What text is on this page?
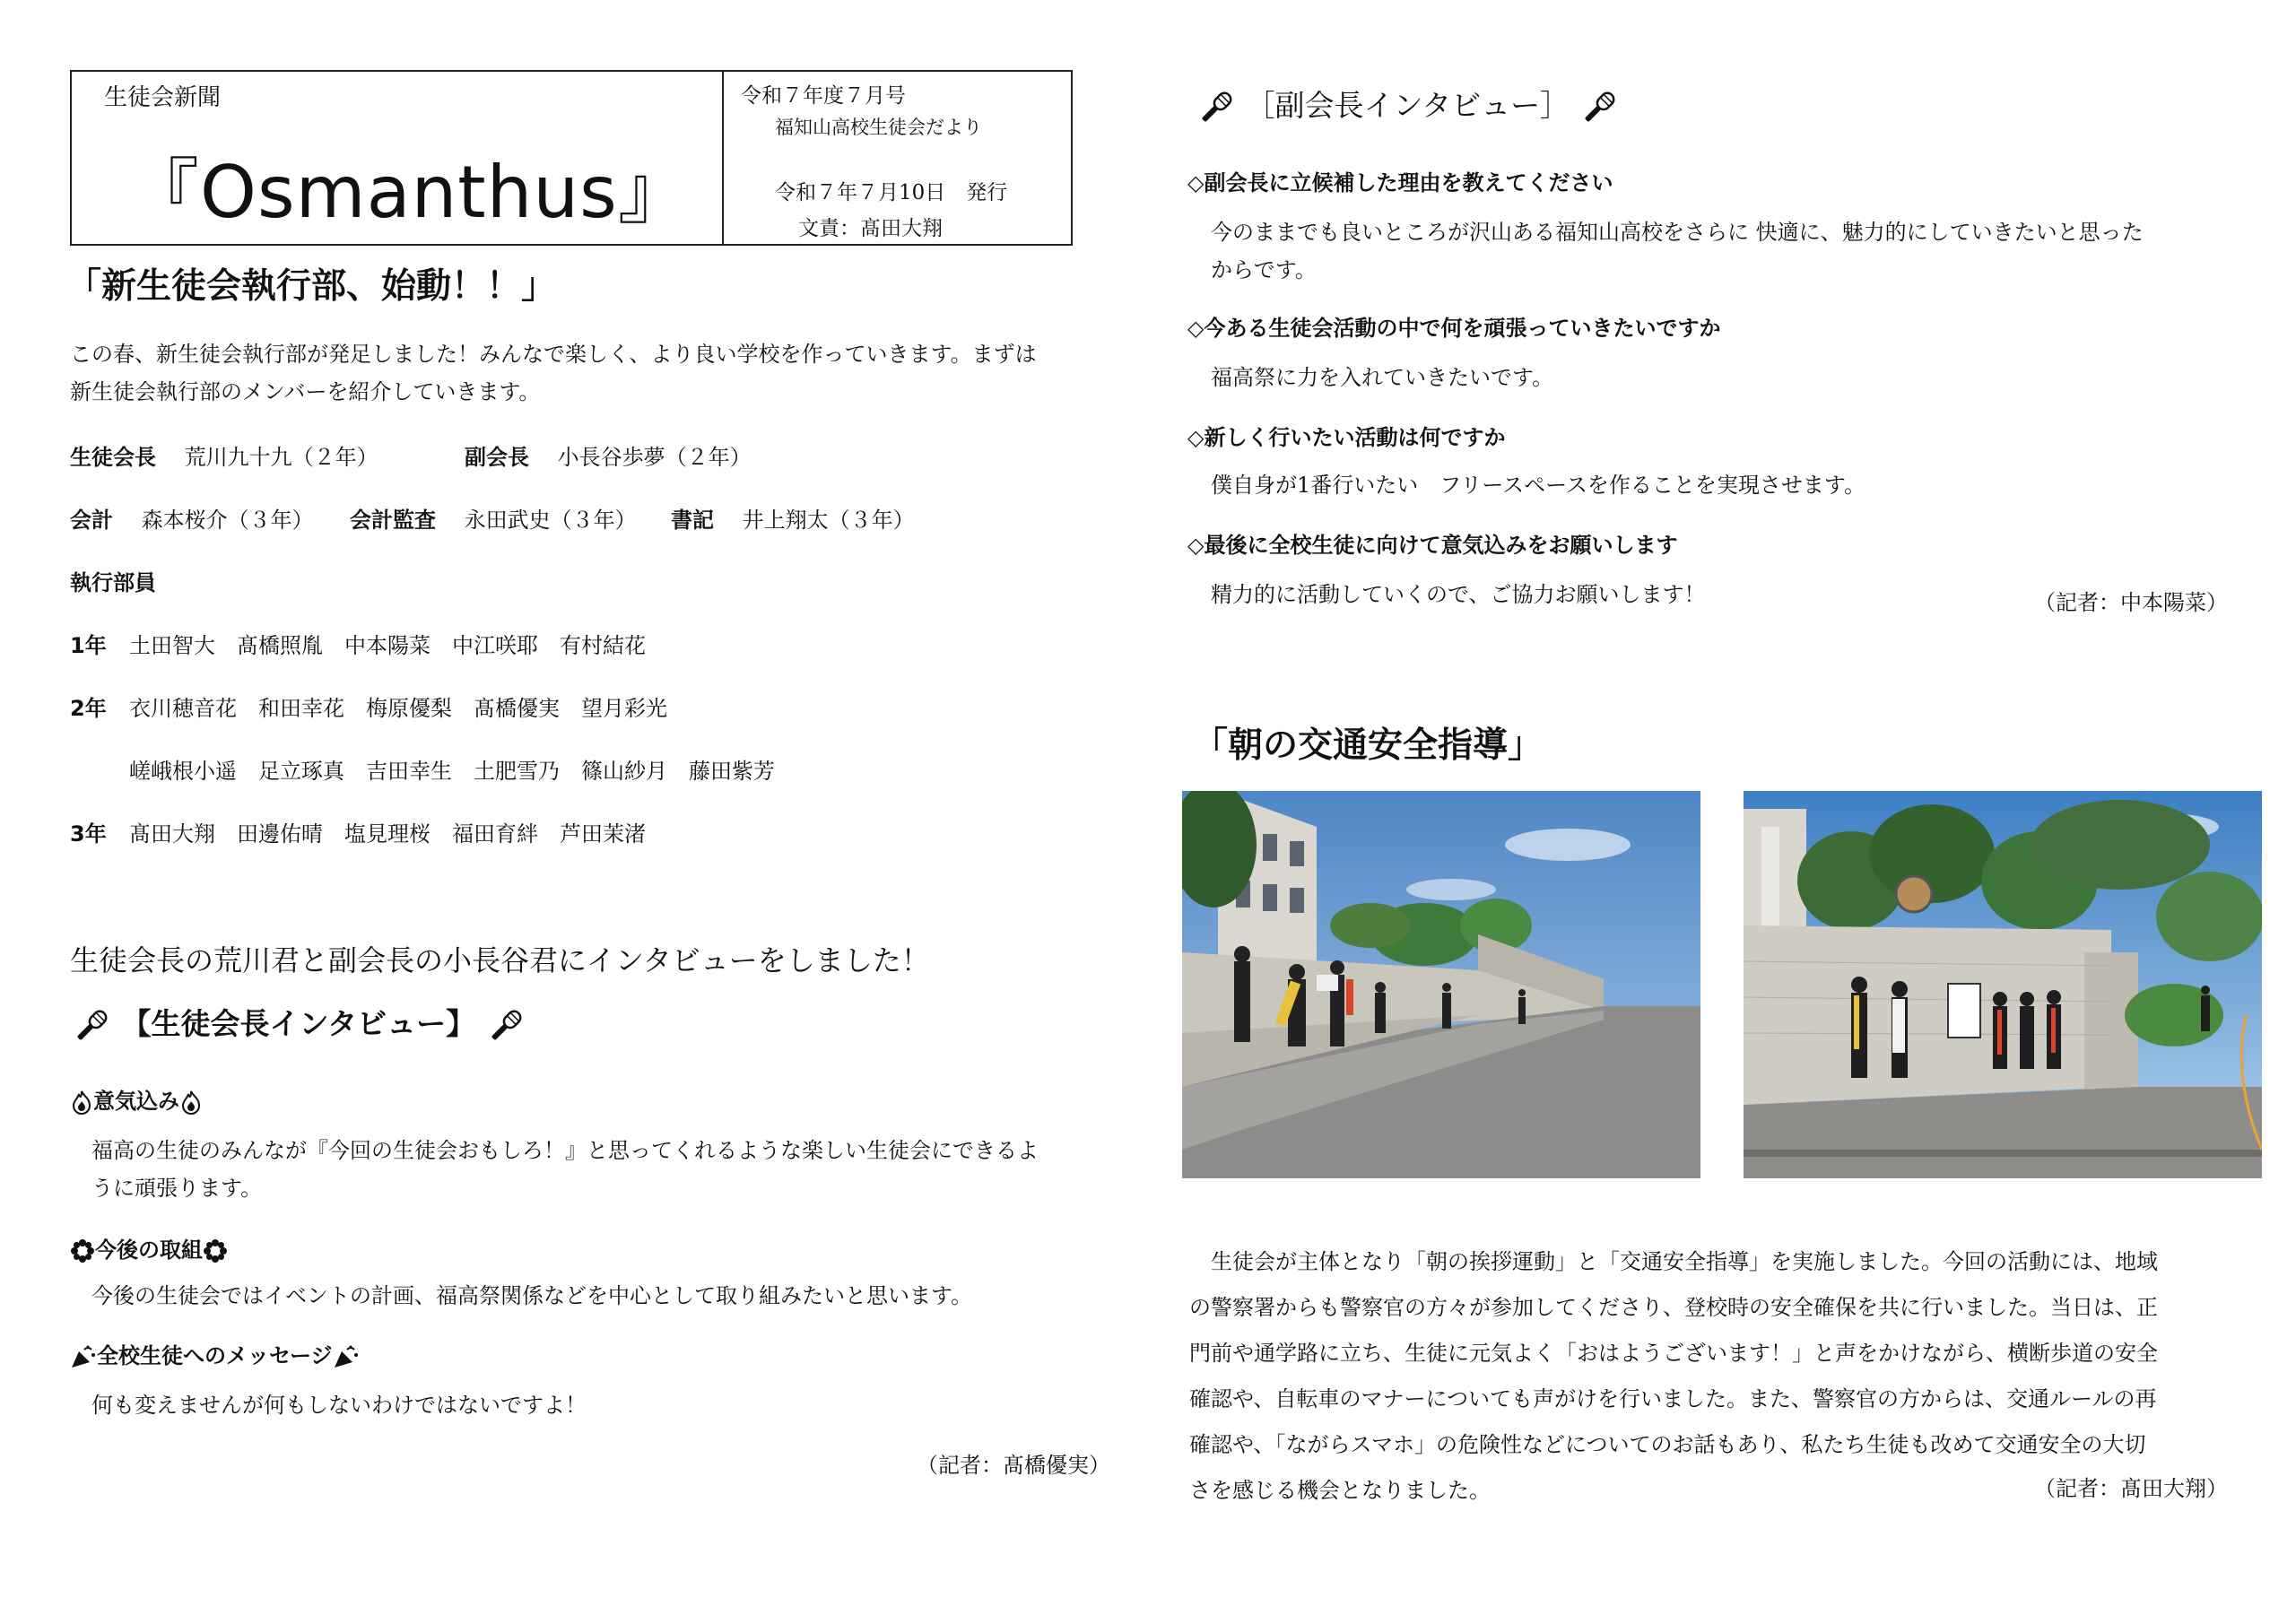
生徒会新聞
『Osmanthus』
令和７年度７月号
福知山高校生徒会だより
令和７年７月10日　発行
文責：髙田大翔
「新生徒会執行部、始動！！」
この春、新生徒会執行部が発足しました！みんなで楽しく、より良い学校を作っていきます。まずは
新生徒会執行部のメンバーを紹介していきます。
生徒会長 荒川九十九（２年）	副会長 小長谷歩夢（２年）
会計 森本桜介（３年） 会計監査 永田武史（３年） 書記 井上翔太（３年）
執行部員
1年 土田智大　髙橋照胤　中本陽菜　中江咲耶　有村結花
2年 衣川穂音花　和田幸花　梅原優梨　髙橋優実　望月彩光
嵯峨根小遥　足立琢真　吉田幸生　土肥雪乃　篠山紗月　藤田紫芳
3年 髙田大翔　田邊佑晴　塩見理桜　福田育絆　芦田茉渚
生徒会長の荒川君と副会長の小長谷君にインタビューをしました！
【生徒会長インタビュー】
意気込み
福高の生徒のみんなが『今回の生徒会おもしろ！』と思ってくれるような楽しい生徒会にできるよ
うに頑張ります。
今後の取組
今後の生徒会ではイベントの計画、福高祭関係などを中心として取り組みたいと思います。
全校生徒へのメッセージ
何も変えませんが何もしないわけではないですよ！
（記者：髙橋優実）
［副会長インタビュー］
◇副会長に立候補した理由を教えてください
今のままでも良いところが沢山ある福知山高校をさらに 快適に、魅力的にしていきたいと思った
からです。
◇今ある生徒会活動の中で何を頑張っていきたいですか
福高祭に力を入れていきたいです。
◇新しく行いたい活動は何ですか
僕自身が1番行いたい　フリースペースを作ることを実現させます。
◇最後に全校生徒に向けて意気込みをお願いします
精力的に活動していくので、ご協力お願いします！	（記者：中本陽菜）
「朝の交通安全指導」
　生徒会が主体となり「朝の挨拶運動」と「交通安全指導」を実施しました。今回の活動には、地域
の警察署からも警察官の方々が参加してくださり、登校時の安全確保を共に行いました。当日は、正
門前や通学路に立ち、生徒に元気よく「おはようございます！」と声をかけながら、横断歩道の安全
確認や、自転車のマナーについても声がけを行いました。また、警察官の方からは、交通ルールの再
確認や、「ながらスマホ」の危険性などについてのお話もあり、私たち生徒も改めて交通安全の大切
さを感じる機会となりました。	（記者：髙田大翔）
